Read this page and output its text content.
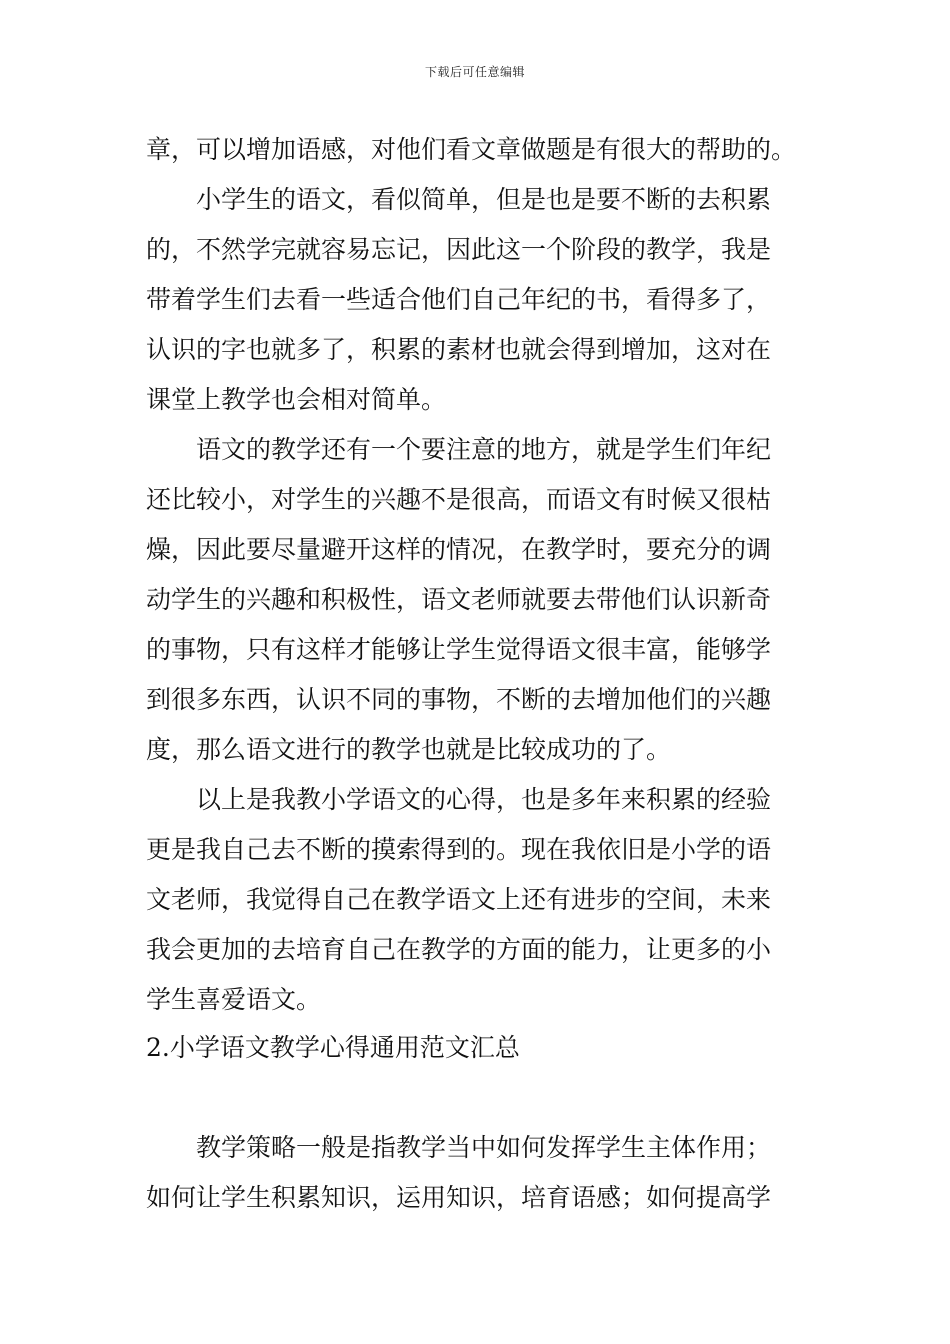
下载后可任意编辑
章，可以增加语感，对他们看文章做题是有很大的帮助的。
小学生的语文，看似简单，但是也是要不断的去积累
的，不然学完就容易忘记，因此这一个阶段的教学，我是
带着学生们去看一些适合他们自己年纪的书，看得多了，
认识的字也就多了，积累的素材也就会得到增加，这对在
课堂上教学也会相对简单。
语文的教学还有一个要注意的地方，就是学生们年纪
还比较小，对学生的兴趣不是很高，而语文有时候又很枯
燥，因此要尽量避开这样的情况，在教学时，要充分的调
动学生的兴趣和积极性，语文老师就要去带他们认识新奇
的事物，只有这样才能够让学生觉得语文很丰富，能够学
到很多东西，认识不同的事物，不断的去增加他们的兴趣
度，那么语文进行的教学也就是比较成功的了。
以上是我教小学语文的心得，也是多年来积累的经验
更是我自己去不断的摸索得到的。现在我依旧是小学的语
文老师，我觉得自己在教学语文上还有进步的空间，未来
我会更加的去培育自己在教学的方面的能力，让更多的小
学生喜爱语文。
2.小学语文教学心得通用范文汇总
教学策略一般是指教学当中如何发挥学生主体作用；
如何让学生积累知识，运用知识，培育语感；如何提高学
